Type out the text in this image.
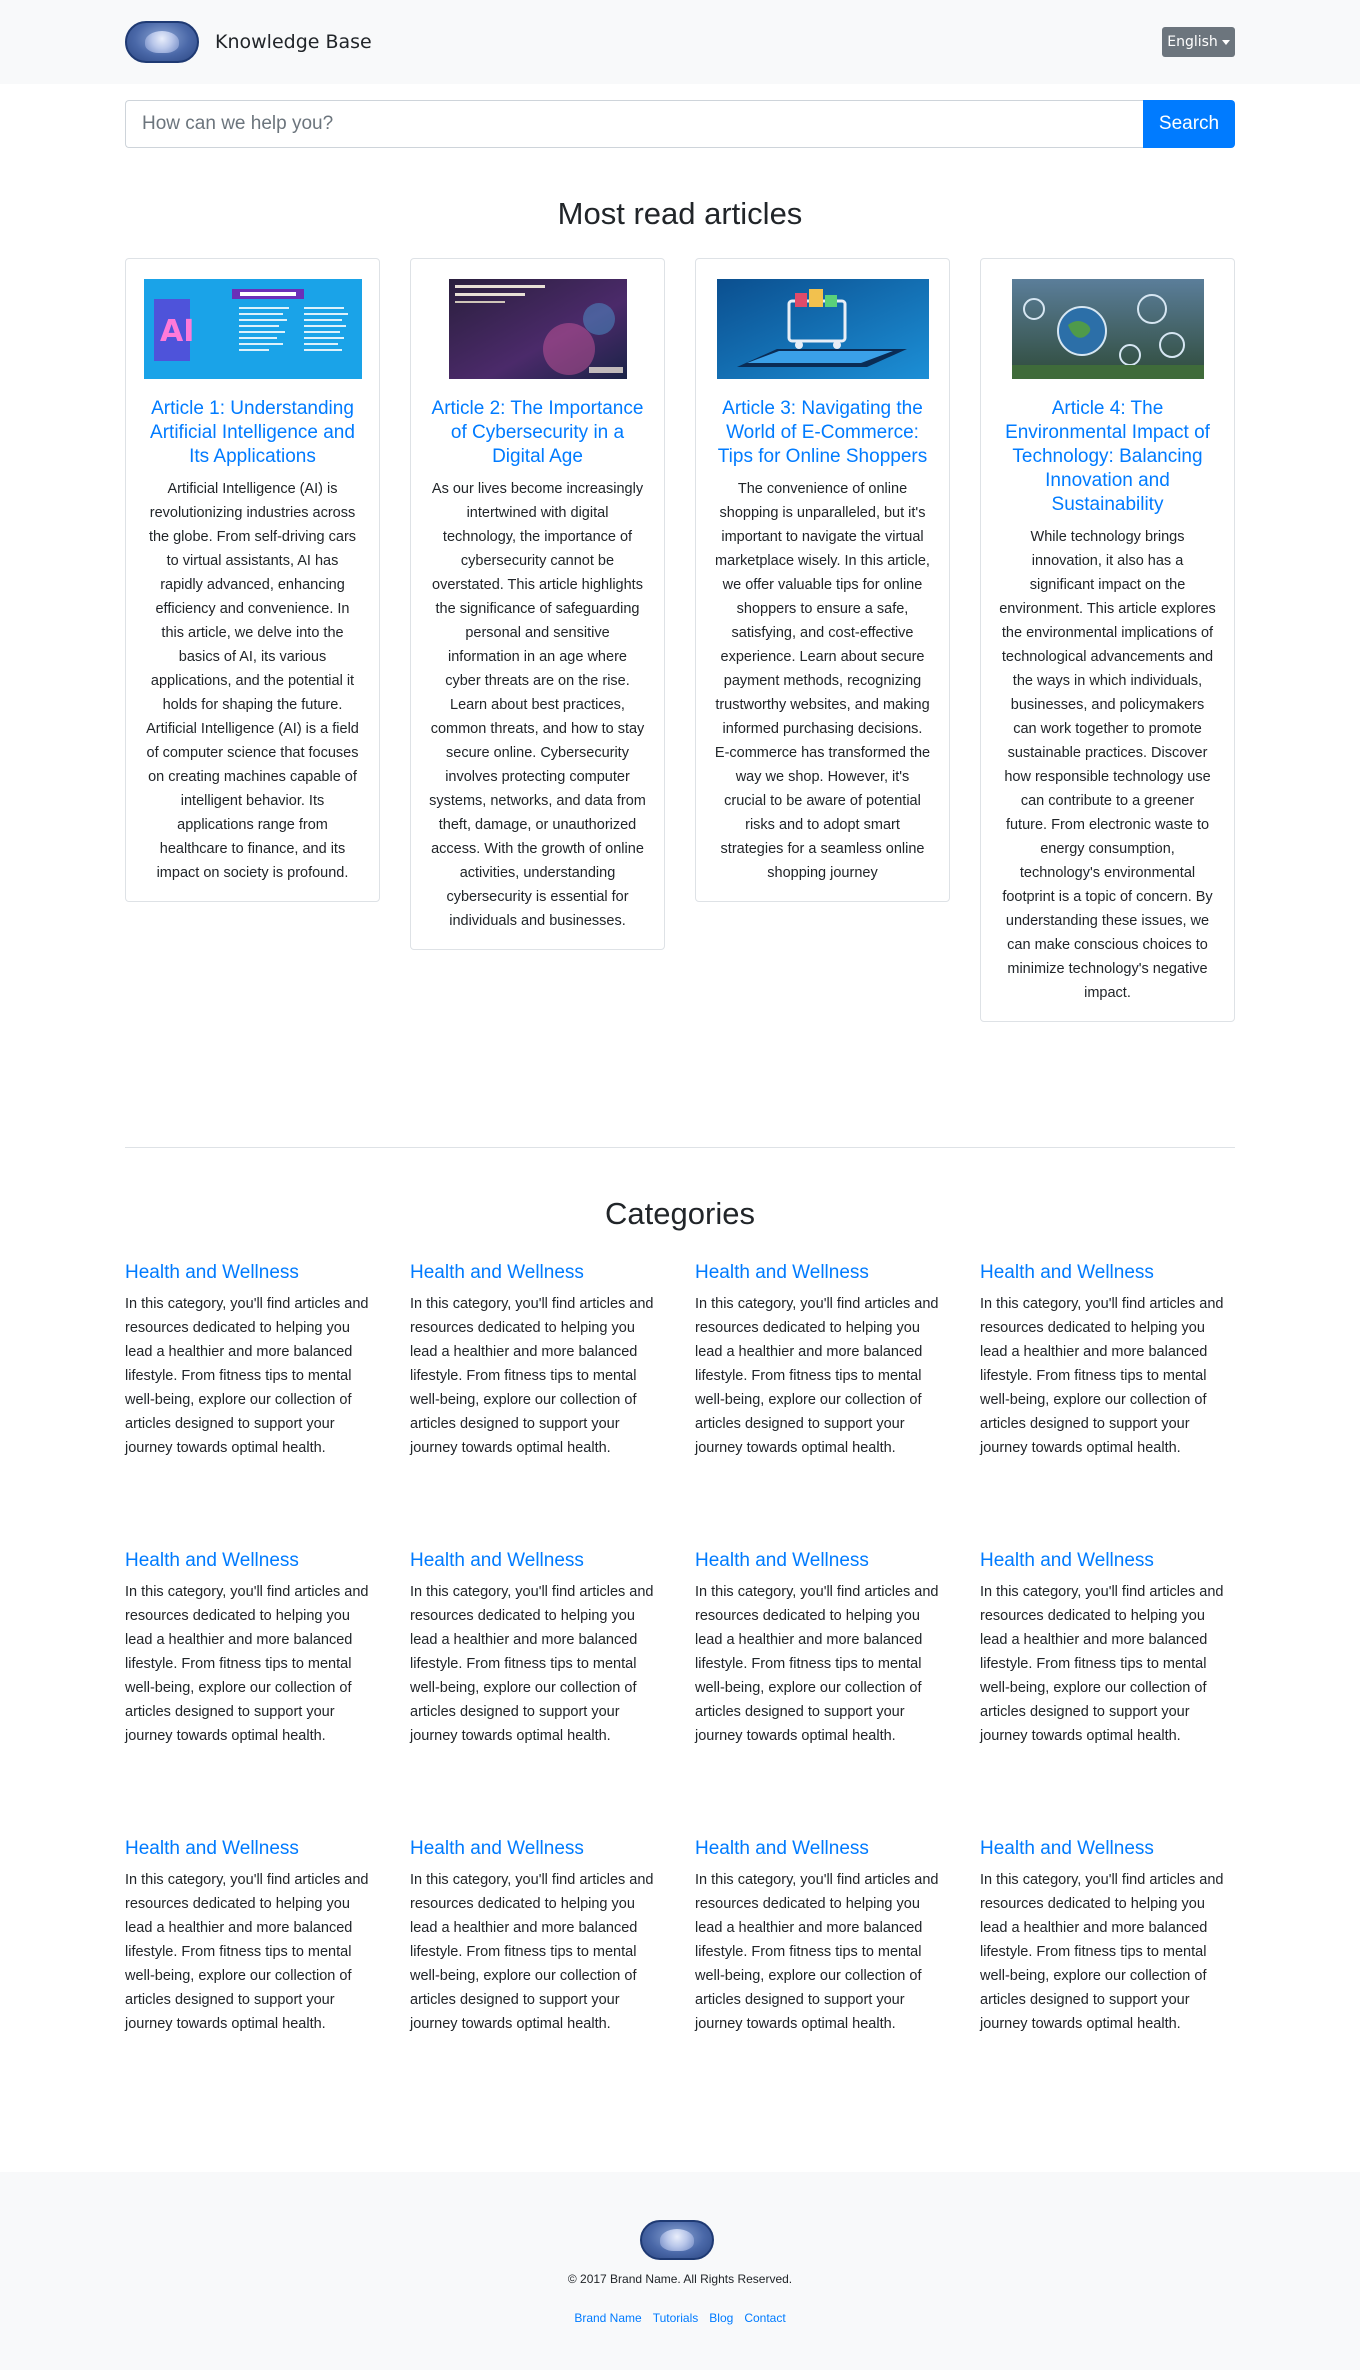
Knowledge Base	English
How can we help you?
Search
Most read articles
AI
Article 1: Understanding Artificial Intelligence and Its Applications
Artificial Intelligence (AI) is revolutionizing industries across the globe. From self-driving cars to virtual assistants, AI has rapidly advanced, enhancing efficiency and convenience. In this article, we delve into the basics of AI, its various applications, and the potential it holds for shaping the future. Artificial Intelligence (AI) is a field of computer science that focuses on creating machines capable of intelligent behavior. Its applications range from healthcare to finance, and its impact on society is profound.
Article 2: The Importance of Cybersecurity in a Digital Age
As our lives become increasingly intertwined with digital technology, the importance of cybersecurity cannot be overstated. This article highlights the significance of safeguarding personal and sensitive information in an age where cyber threats are on the rise. Learn about best practices, common threats, and how to stay secure online. Cybersecurity involves protecting computer systems, networks, and data from theft, damage, or unauthorized access. With the growth of online activities, understanding cybersecurity is essential for individuals and businesses.
Article 3: Navigating the World of E-Commerce: Tips for Online Shoppers
The convenience of online shopping is unparalleled, but it's important to navigate the virtual marketplace wisely. In this article, we offer valuable tips for online shoppers to ensure a safe, satisfying, and cost-effective experience. Learn about secure payment methods, recognizing trustworthy websites, and making informed purchasing decisions. E-commerce has transformed the way we shop. However, it's crucial to be aware of potential risks and to adopt smart strategies for a seamless online shopping journey
Article 4: The Environmental Impact of Technology: Balancing Innovation and Sustainability
While technology brings innovation, it also has a significant impact on the environment. This article explores the environmental implications of technological advancements and the ways in which individuals, businesses, and policymakers can work together to promote sustainable practices. Discover how responsible technology use can contribute to a greener future. From electronic waste to energy consumption, technology's environmental footprint is a topic of concern. By understanding these issues, we can make conscious choices to minimize technology's negative impact.
Categories
Health and Wellness
In this category, you'll find articles and resources dedicated to helping you lead a healthier and more balanced lifestyle. From fitness tips to mental well-being, explore our collection of articles designed to support your journey towards optimal health.
Health and Wellness
In this category, you'll find articles and resources dedicated to helping you lead a healthier and more balanced lifestyle. From fitness tips to mental well-being, explore our collection of articles designed to support your journey towards optimal health.
Health and Wellness
In this category, you'll find articles and resources dedicated to helping you lead a healthier and more balanced lifestyle. From fitness tips to mental well-being, explore our collection of articles designed to support your journey towards optimal health.
Health and Wellness
In this category, you'll find articles and resources dedicated to helping you lead a healthier and more balanced lifestyle. From fitness tips to mental well-being, explore our collection of articles designed to support your journey towards optimal health.
Health and Wellness
In this category, you'll find articles and resources dedicated to helping you lead a healthier and more balanced lifestyle. From fitness tips to mental well-being, explore our collection of articles designed to support your journey towards optimal health.
Health and Wellness
In this category, you'll find articles and resources dedicated to helping you lead a healthier and more balanced lifestyle. From fitness tips to mental well-being, explore our collection of articles designed to support your journey towards optimal health.
Health and Wellness
In this category, you'll find articles and resources dedicated to helping you lead a healthier and more balanced lifestyle. From fitness tips to mental well-being, explore our collection of articles designed to support your journey towards optimal health.
Health and Wellness
In this category, you'll find articles and resources dedicated to helping you lead a healthier and more balanced lifestyle. From fitness tips to mental well-being, explore our collection of articles designed to support your journey towards optimal health.
Health and Wellness
In this category, you'll find articles and resources dedicated to helping you lead a healthier and more balanced lifestyle. From fitness tips to mental well-being, explore our collection of articles designed to support your journey towards optimal health.
Health and Wellness
In this category, you'll find articles and resources dedicated to helping you lead a healthier and more balanced lifestyle. From fitness tips to mental well-being, explore our collection of articles designed to support your journey towards optimal health.
Health and Wellness
In this category, you'll find articles and resources dedicated to helping you lead a healthier and more balanced lifestyle. From fitness tips to mental well-being, explore our collection of articles designed to support your journey towards optimal health.
Health and Wellness
In this category, you'll find articles and resources dedicated to helping you lead a healthier and more balanced lifestyle. From fitness tips to mental well-being, explore our collection of articles designed to support your journey towards optimal health.
© 2017 Brand Name. All Rights Reserved.
Brand Name Tutorials Blog Contact
